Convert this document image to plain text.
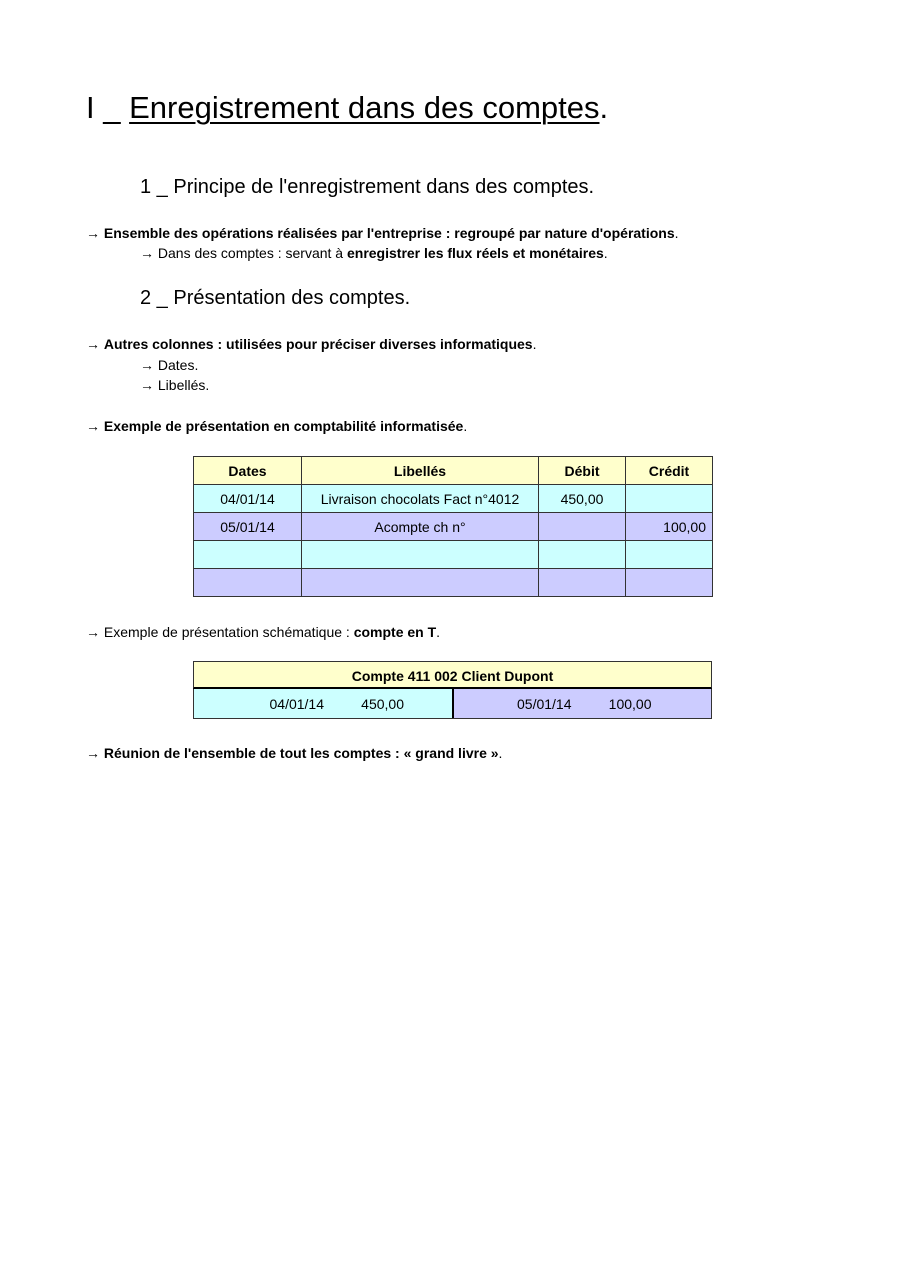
I _ Enregistrement dans des comptes.
1 _ Principe de l'enregistrement dans des comptes.
→ Ensemble des opérations réalisées par l'entreprise : regroupé par nature d'opérations.
→ Dans des comptes : servant à enregistrer les flux réels et monétaires.
2 _ Présentation des comptes.
→ Autres colonnes : utilisées pour préciser diverses informatiques.
→ Dates.
→ Libellés.
→ Exemple de présentation en comptabilité informatisée.
Dates	Libellés	Débit	Crédit
04/01/14	Livraison chocolats Fact n°4012	450,00	
05/01/14	Acompte ch n°		100,00

→ Exemple de présentation schématique : compte en T.
Compte 411 002 Client Dupont
04/01/14	450,00	05/01/14	100,00
→ Réunion de l'ensemble de tout les comptes : « grand livre ».
